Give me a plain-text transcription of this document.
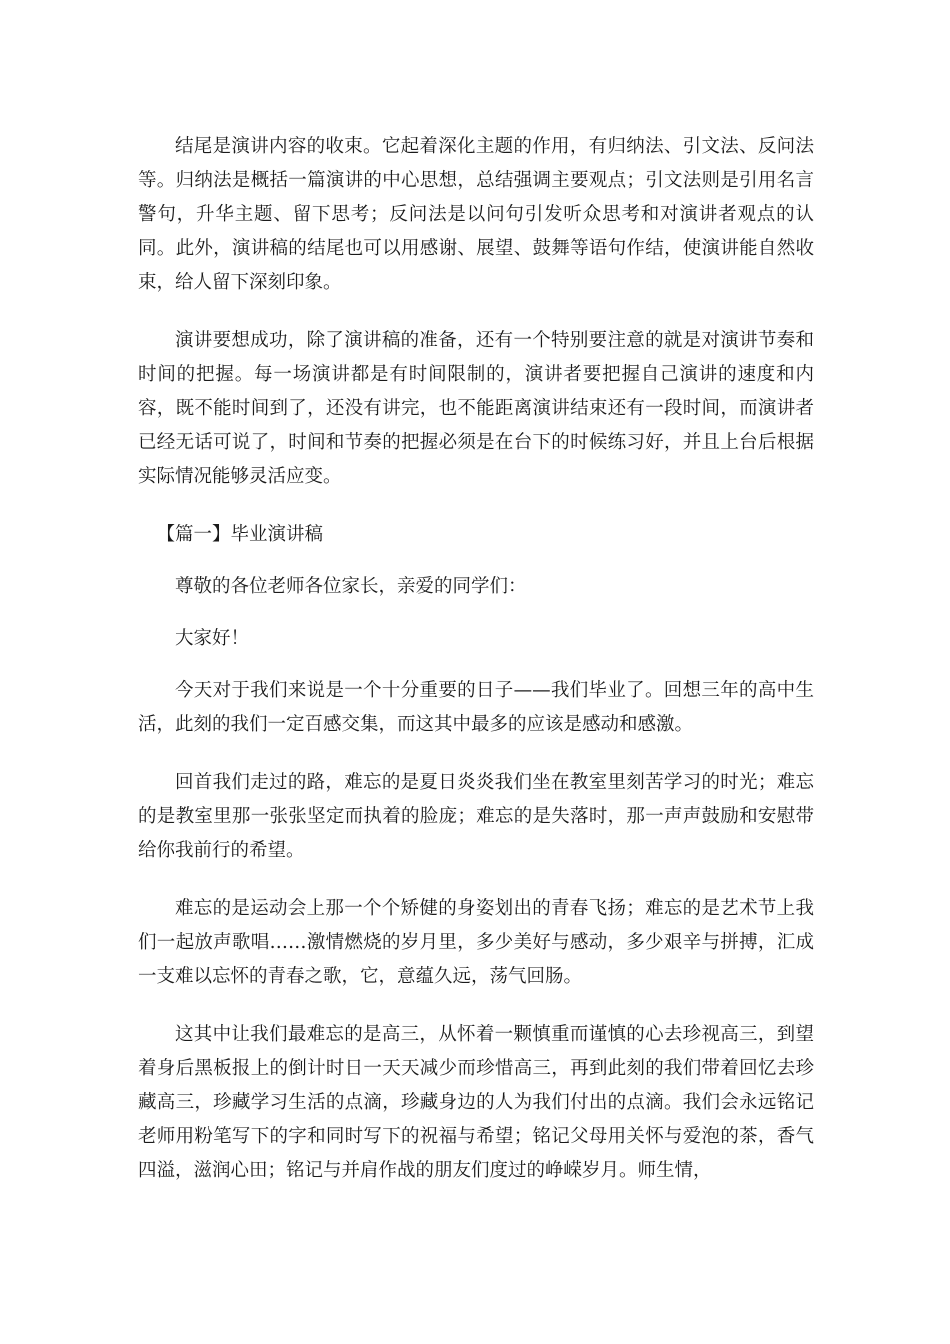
结尾是演讲内容的收束。它起着深化主题的作用，有归纳法、引文法、反问法等。归纳法是概括一篇演讲的中心思想，总结强调主要观点；引文法则是引用名言警句，升华主题、留下思考；反问法是以问句引发听众思考和对演讲者观点的认同。此外，演讲稿的结尾也可以用感谢、展望、鼓舞等语句作结，使演讲能自然收束，给人留下深刻印象。

演讲要想成功，除了演讲稿的准备，还有一个特别要注意的就是对演讲节奏和时间的把握。每一场演讲都是有时间限制的，演讲者要把握自己演讲的速度和内容，既不能时间到了，还没有讲完，也不能距离演讲结束还有一段时间，而演讲者已经无话可说了，时间和节奏的把握必须是在台下的时候练习好，并且上台后根据实际情况能够灵活应变。

【篇一】毕业演讲稿

尊敬的各位老师各位家长，亲爱的同学们：

大家好！

今天对于我们来说是一个十分重要的日子——我们毕业了。回想三年的高中生活，此刻的我们一定百感交集，而这其中最多的应该是感动和感激。

回首我们走过的路，难忘的是夏日炎炎我们坐在教室里刻苦学习的时光；难忘的是教室里那一张张坚定而执着的脸庞；难忘的是失落时，那一声声鼓励和安慰带给你我前行的希望。

难忘的是运动会上那一个个矫健的身姿划出的青春飞扬；难忘的是艺术节上我们一起放声歌唱……激情燃烧的岁月里，多少美好与感动，多少艰辛与拼搏，汇成一支难以忘怀的青春之歌，它，意蕴久远，荡气回肠。

这其中让我们最难忘的是高三，从怀着一颗慎重而谨慎的心去珍视高三，到望着身后黑板报上的倒计时日一天天减少而珍惜高三，再到此刻的我们带着回忆去珍藏高三，珍藏学习生活的点滴，珍藏身边的人为我们付出的点滴。我们会永远铭记老师用粉笔写下的字和同时写下的祝福与希望；铭记父母用关怀与爱泡的茶，香气四溢，滋润心田；铭记与并肩作战的朋友们度过的峥嵘岁月。师生情，
